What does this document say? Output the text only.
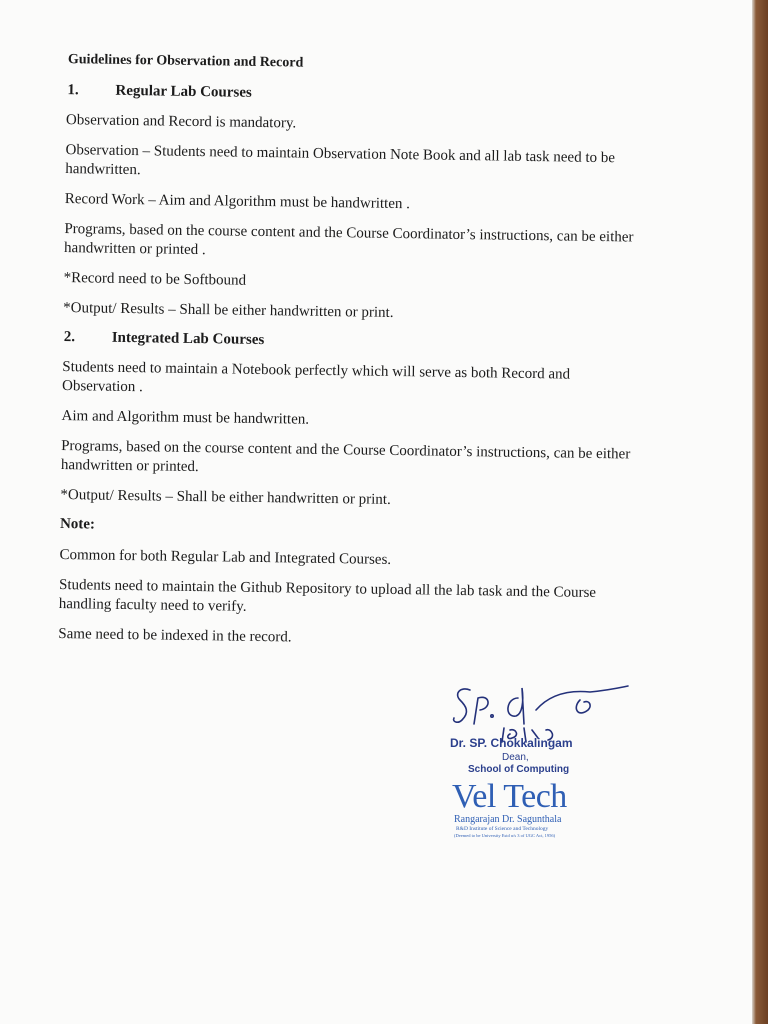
Guidelines for Observation and Record
1.	Regular Lab Courses

Observation and Record is mandatory.

Observation – Students need to maintain Observation Note Book and all lab task need to be handwritten.

Record Work – Aim and Algorithm must be handwritten .

Programs, based on the course content and the Course Coordinator’s instructions, can be either handwritten or printed .

*Record need to be Softbound

*Output/ Results – Shall be either handwritten or print.

2.	Integrated Lab Courses

Students need to maintain a Notebook perfectly which will serve as both Record and Observation .

Aim and Algorithm must be handwritten.

Programs, based on the course content and the Course Coordinator’s instructions, can be either handwritten or printed.

*Output/ Results – Shall be either handwritten or print.

Note:

Common for both Regular Lab and Integrated Courses.

Students need to maintain the Github Repository to upload all the lab task and the Course handling faculty need to verify.

Same need to be indexed in the record.

Dr. SP. Chokkalingam
Dean,
School of Computing
Vel Tech
Rangarajan Dr. Sagunthala
R&D Institute of Science and Technology
(Deemed to be University Estd u/s 3 of UGC Act, 1956)
